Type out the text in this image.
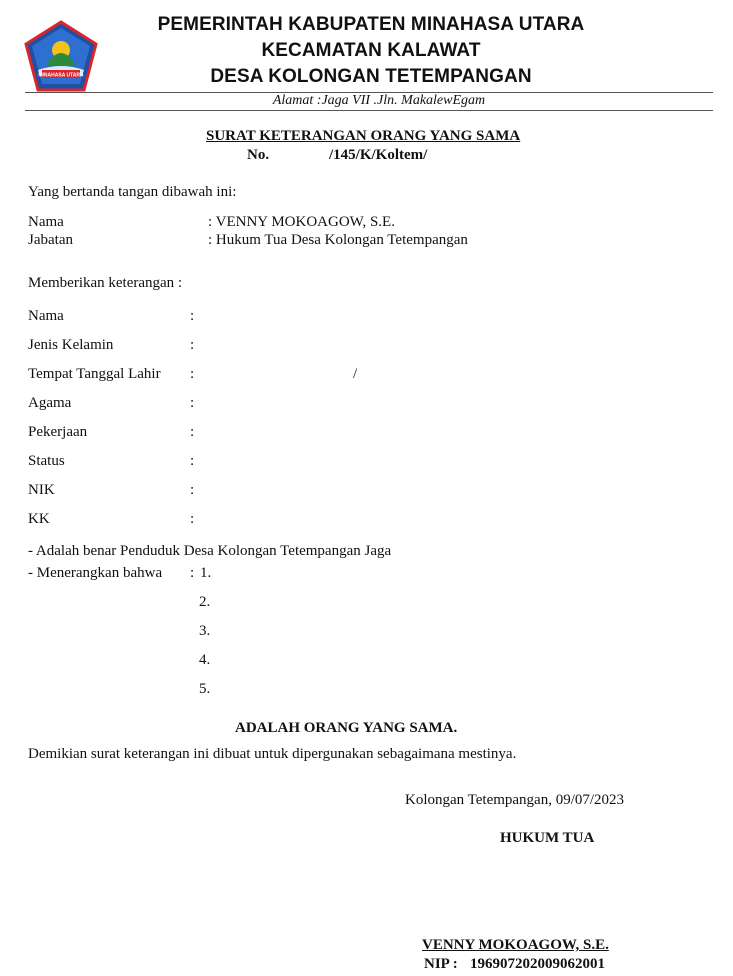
MINAHASA UTARA
PEMERINTAH KABUPATEN MINAHASA UTARA
KECAMATAN KALAWAT
DESA KOLONGAN TETEMPANGAN
Alamat :Jaga VII .Jln. MakalewEgam
SURAT KETERANGAN ORANG YANG SAMA
No.	/145/K/Koltem/
Yang bertanda tangan dibawah ini:
Nama	: VENNY MOKOAGOW, S.E.
Jabatan	: Hukum Tua Desa Kolongan Tetempangan
Memberikan keterangan :
Nama	:
Jenis Kelamin	:
Tempat Tanggal Lahir :	/
Agama	:
Pekerjaan	:
Status	:
NIK	:
KK	:
- Adalah benar Penduduk Desa Kolongan Tetempangan Jaga
- Menerangkan bahwa : 1.
2.
3.
4.
5.
ADALAH ORANG YANG SAMA.
Demikian surat keterangan ini dibuat untuk dipergunakan sebagaimana mestinya.
Kolongan Tetempangan, 09/07/2023
HUKUM TUA
VENNY MOKOAGOW, S.E.
NIP : 196907202009062001
